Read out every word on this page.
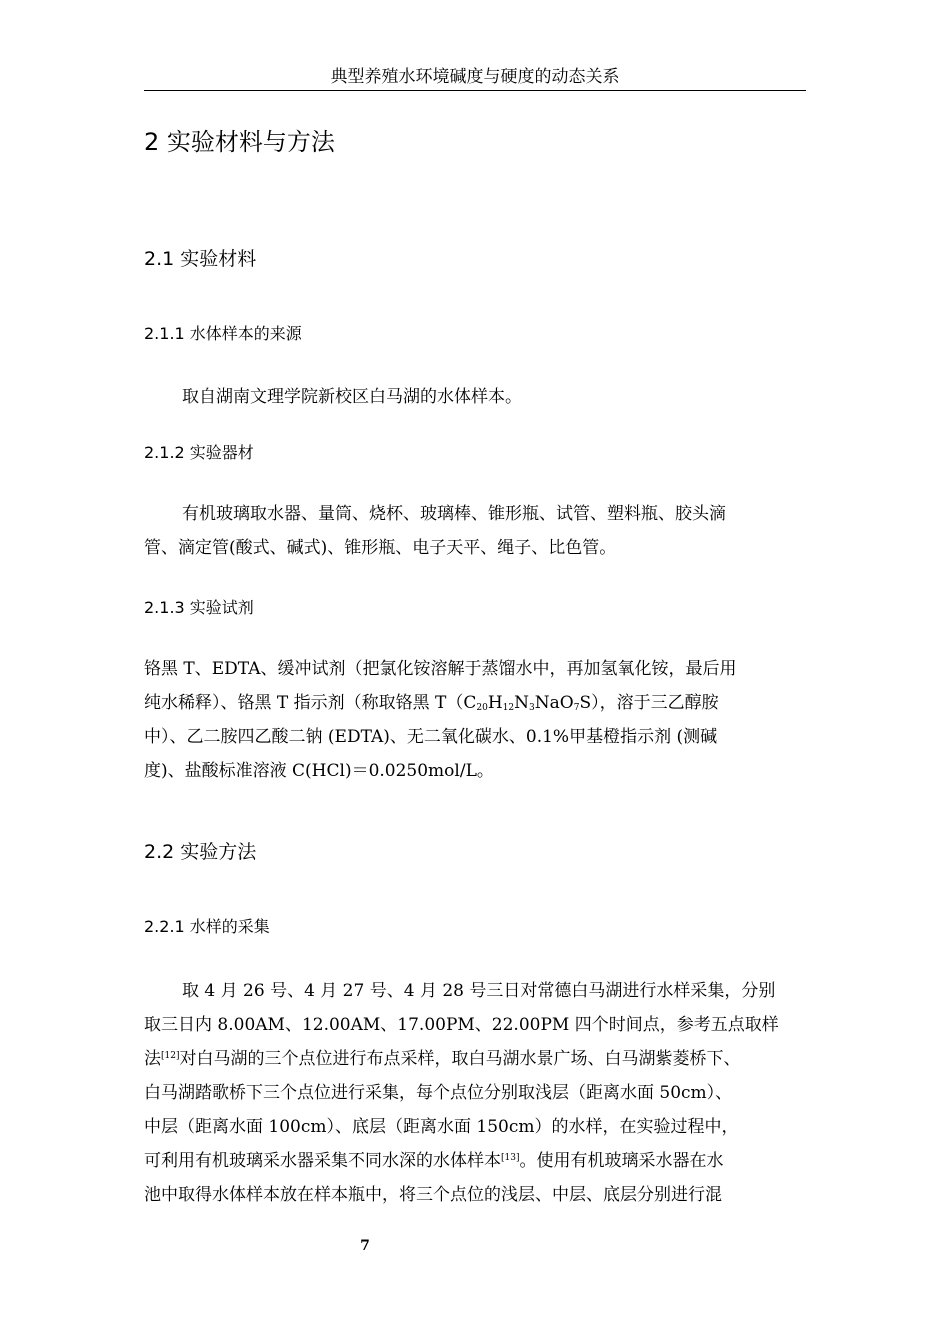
典型养殖水环境碱度与硬度的动态关系
2 实验材料与方法
2.1 实验材料
2.1.1 水体样本的来源
取自湖南文理学院新校区白马湖的水体样本。
2.1.2 实验器材
有机玻璃取水器、量筒、烧杯、玻璃棒、锥形瓶、试管、塑料瓶、胶头滴
管、滴定管(酸式、碱式)、锥形瓶、电子天平、绳子、比色管。
2.1.3 实验试剂
铬黑 T、EDTA、缓冲试剂（把氯化铵溶解于蒸馏水中，再加氢氧化铵，最后用
纯水稀释）、铬黑 T 指示剂（称取铬黑 $T(C_{20}H_{12}N_3NaO_7S)$，溶于三乙醇胺
中）、乙二胺四乙酸二钠 (EDTA)、无二氧化碳水、0.1%甲基橙指示剂 (测碱
度)、盐酸标准溶液 C(HCl)＝0.0250mol/L。
2.2 实验方法
2.2.1 水样的采集
取 4 月 26 号、4 月 27 号、4 月 28 号三日对常德白马湖进行水样采集，分别
取三日内 8.00AM、12.00AM、17.00PM、22.00PM 四个时间点，参考五点取样
法[12]对白马湖的三个点位进行布点采样，取白马湖水景广场、白马湖紫菱桥下、
白马湖踏歌桥下三个点位进行采集，每个点位分别取浅层（距离水面 50cm）、
中层（距离水面 100cm）、底层（距离水面 150cm）的水样，在实验过程中，
可利用有机玻璃采水器采集不同水深的水体样本[13]。使用有机玻璃采水器在水
池中取得水体样本放在样本瓶中，将三个点位的浅层、中层、底层分别进行混
7
